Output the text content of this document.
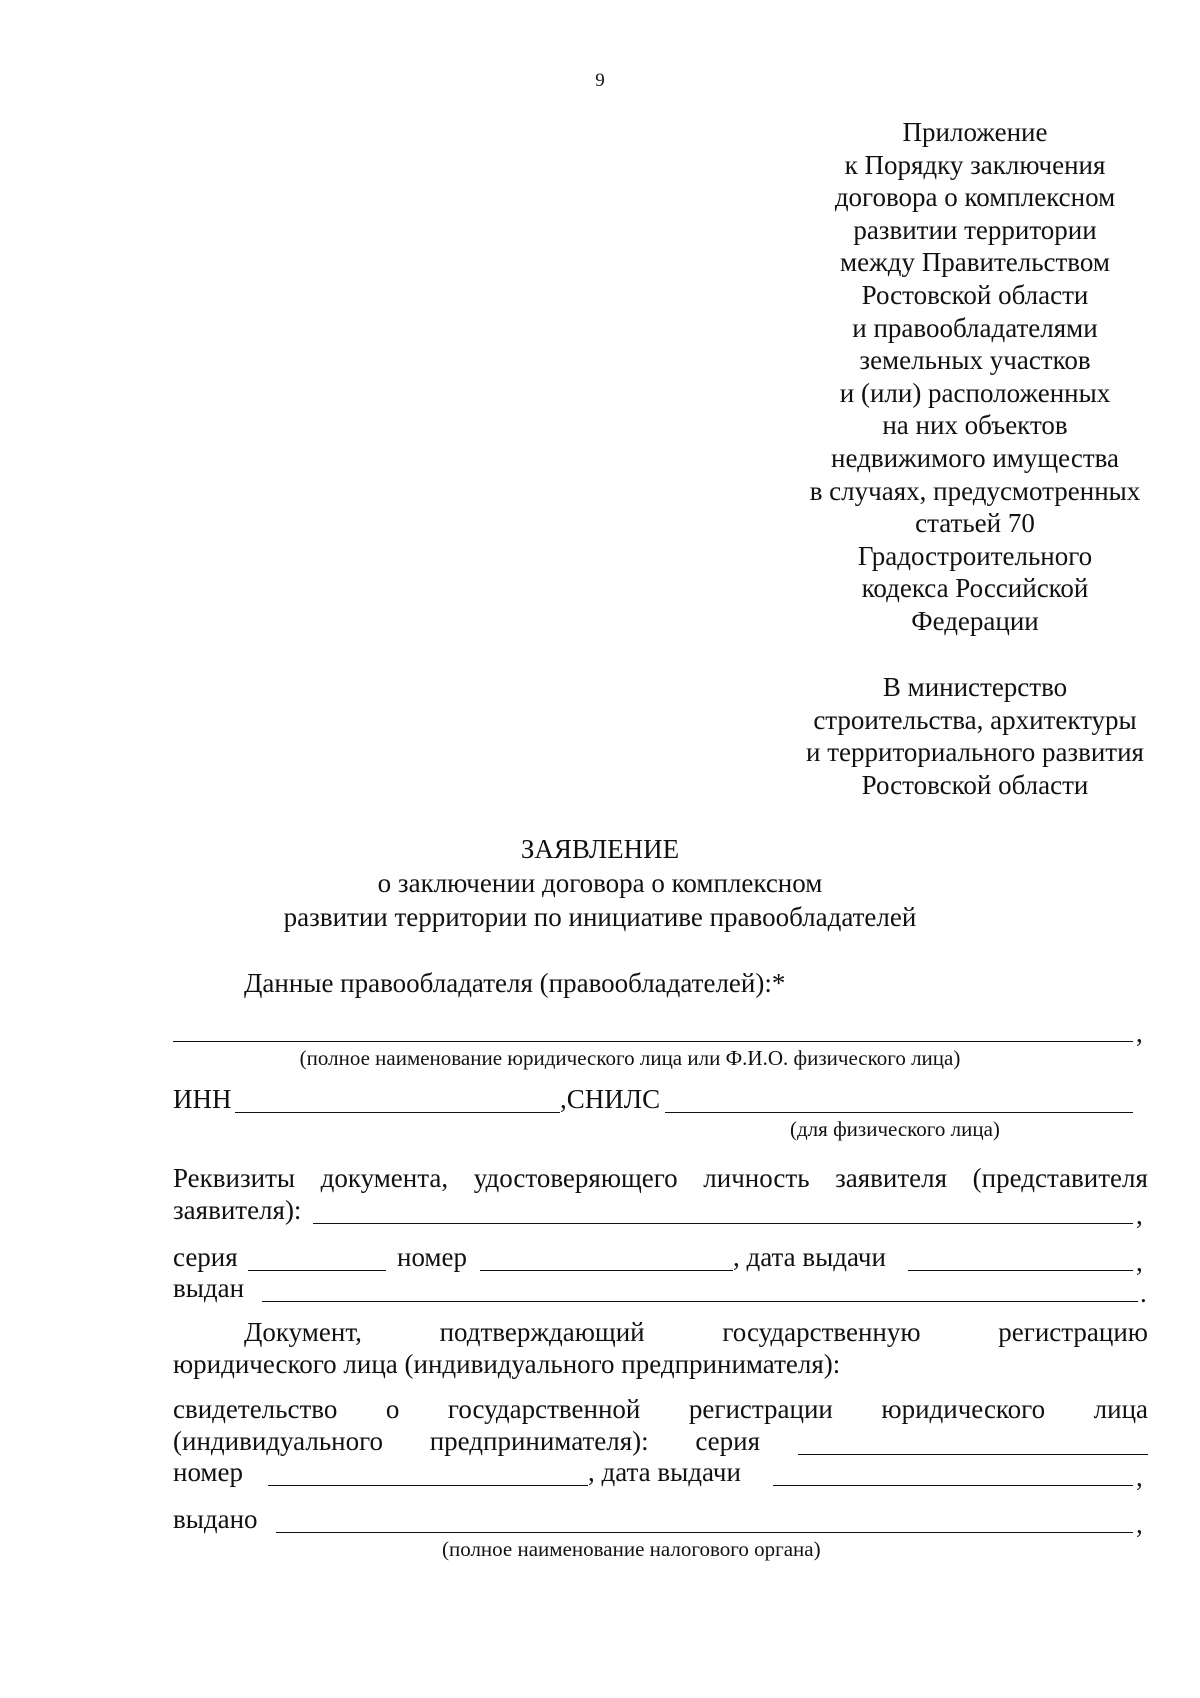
9
Приложение
к Порядку заключения
договора о комплексном
развитии территории
между Правительством
Ростовской области
и правообладателями
земельных участков
и (или) расположенных
на них объектов
недвижимого имущества
в случаях, предусмотренных
статьей 70
Градостроительного
кодекса Российской
Федерации
В министерство
строительства, архитектуры
и территориального развития
Ростовской области
ЗАЯВЛЕНИЕ
о заключении договора о комплексном
развитии территории по инициативе правообладателей
Данные правообладателя (правообладателей):*
,
(полное наименование юридического лица или Ф.И.О. физического лица)
ИНН	,СНИЛС
(для физического лица)
Реквизиты документа, удостоверяющего личность заявителя (представителя
заявителя):	,
серия	номер	, дата выдачи	,
выдан	.
Документ,	подтверждающий	государственную	регистрацию
юридического лица (индивидуального предпринимателя):
свидетельство о государственной регистрации юридического лица
(индивидуального предпринимателя): серия
номер	, дата выдачи	,
выдано	,
(полное наименование налогового органа)
